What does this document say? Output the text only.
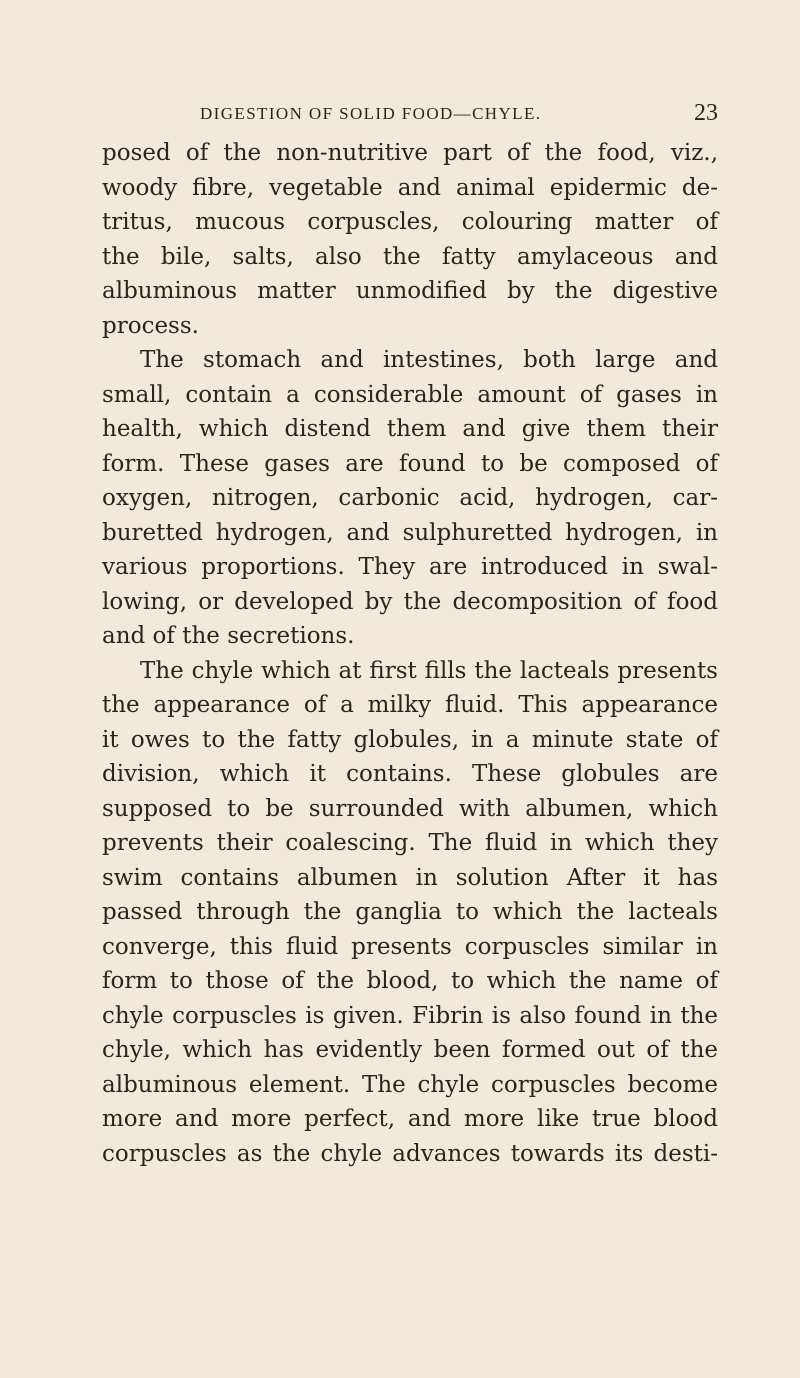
DIGESTION OF SOLID FOOD—CHYLE.	23
posed of the non-nutritive part of the food, viz.,
woody fibre, vegetable and animal epidermic de-
tritus, mucous corpuscles, colouring matter of
the bile, salts, also the fatty amylaceous and
albuminous matter unmodified by the digestive
process.
The stomach and intestines, both large and
small, contain a considerable amount of gases in
health, which distend them and give them their
form. These gases are found to be composed of
oxygen, nitrogen, carbonic acid, hydrogen, car-
buretted hydrogen, and sulphuretted hydrogen, in
various proportions. They are introduced in swal-
lowing, or developed by the decomposition of food
and of the secretions.
The chyle which at first fills the lacteals presents
the appearance of a milky fluid. This appearance
it owes to the fatty globules, in a minute state of
division, which it contains. These globules are
supposed to be surrounded with albumen, which
prevents their coalescing. The fluid in which they
swim contains albumen in solution After it has
passed through the ganglia to which the lacteals
converge, this fluid presents corpuscles similar in
form to those of the blood, to which the name of
chyle corpuscles is given. Fibrin is also found in the
chyle, which has evidently been formed out of the
albuminous element. The chyle corpuscles become
more and more perfect, and more like true blood
corpuscles as the chyle advances towards its desti-
